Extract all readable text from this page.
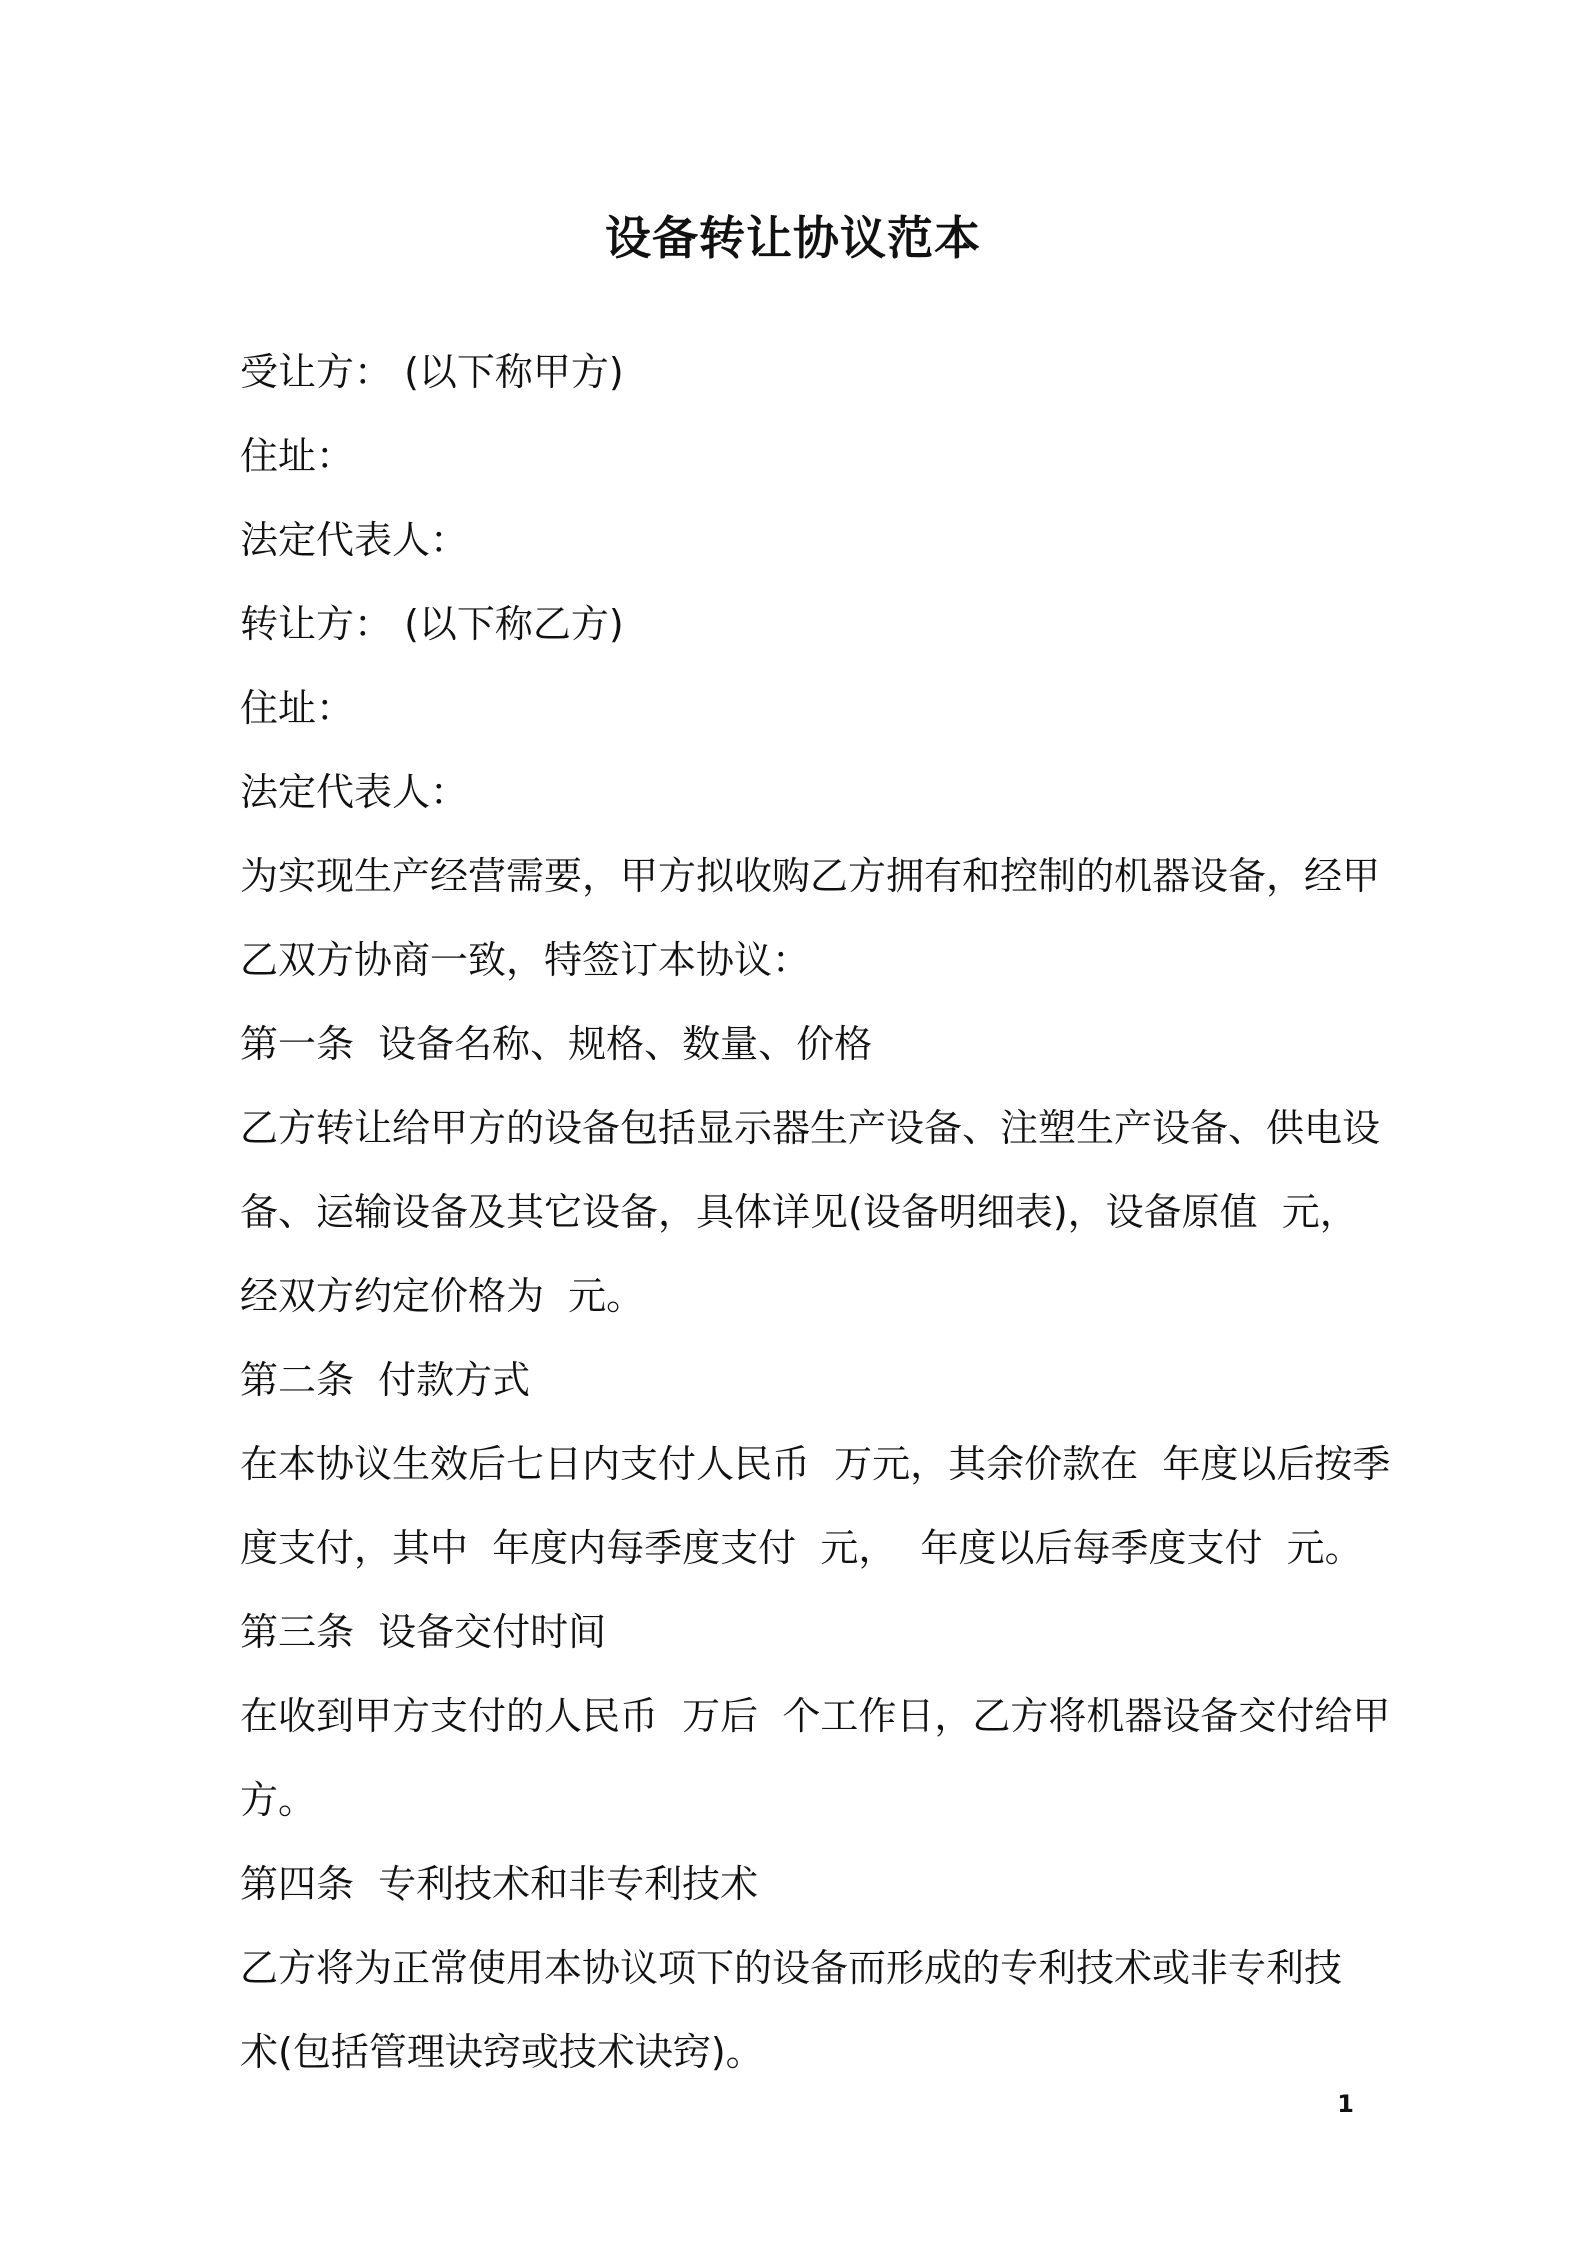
设备转让协议范本
受让方： (以下称甲方)
住址：
法定代表人：
转让方： (以下称乙方)
住址：
法定代表人：
为实现生产经营需要，甲方拟收购乙方拥有和控制的机器设备，经甲
乙双方协商一致，特签订本协议：
第一条  设备名称、规格、数量、价格
乙方转让给甲方的设备包括显示器生产设备、注塑生产设备、供电设
备、运输设备及其它设备，具体详见(设备明细表)，设备原值  元，
经双方约定价格为  元。
第二条  付款方式
在本协议生效后七日内支付人民币  万元，其余价款在  年度以后按季
度支付，其中  年度内每季度支付  元，  年度以后每季度支付  元。
第三条  设备交付时间
在收到甲方支付的人民币  万后  个工作日，乙方将机器设备交付给甲
方。
第四条  专利技术和非专利技术
乙方将为正常使用本协议项下的设备而形成的专利技术或非专利技
术(包括管理诀窍或技术诀窍)。
1
